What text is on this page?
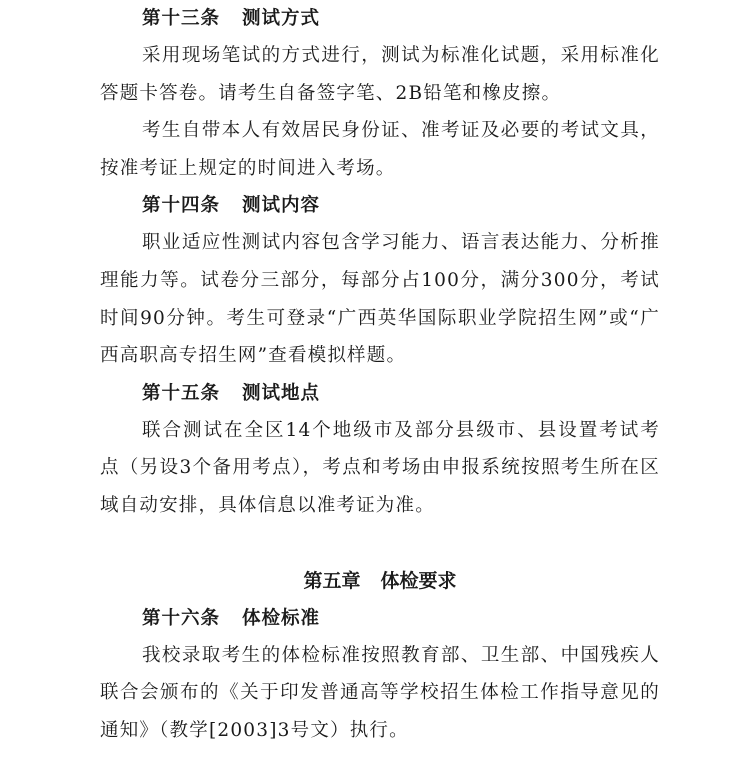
第十三条 测试方式

采用现场笔试的方式进行，测试为标准化试题，采用标准化答题卡答卷。请考生自备签字笔、2B铅笔和橡皮擦。

考生自带本人有效居民身份证、准考证及必要的考试文具，按准考证上规定的时间进入考场。

第十四条 测试内容

职业适应性测试内容包含学习能力、语言表达能力、分析推理能力等。试卷分三部分，每部分占100分，满分300分，考试时间90分钟。考生可登录“广西英华国际职业学院招生网”或“广西高职高专招生网”查看模拟样题。

第十五条 测试地点

联合测试在全区14个地级市及部分县级市、县设置考试考点（另设3个备用考点），考点和考场由申报系统按照考生所在区域自动安排，具体信息以准考证为准。

第五章 体检要求
第十六条 体检标准

我校录取考生的体检标准按照教育部、卫生部、中国残疾人联合会颁布的《关于印发普通高等学校招生体检工作指导意见的通知》（教学[2003]3号文）执行。
